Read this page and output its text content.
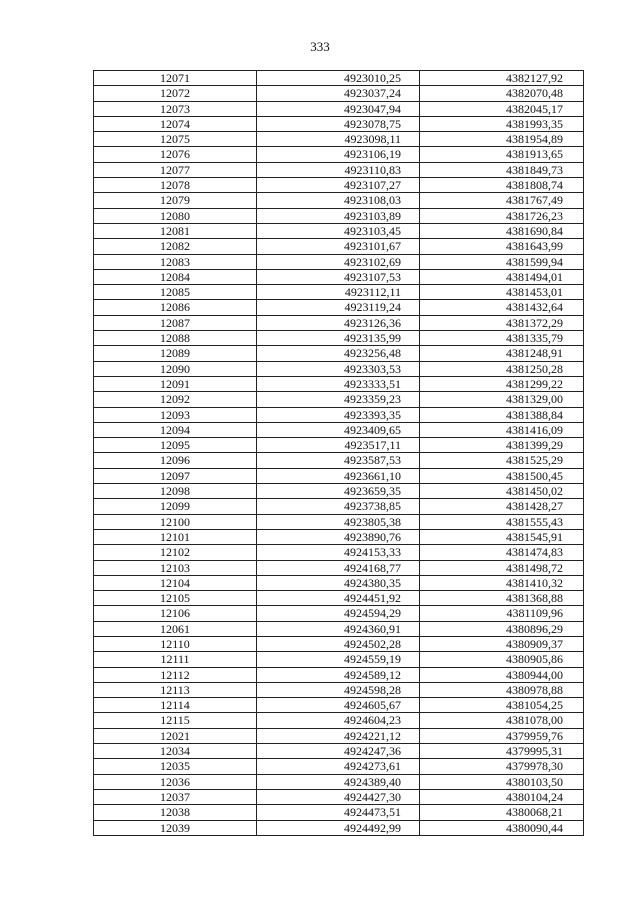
333
12071	4923010,25	4382127,92
12072	4923037,24	4382070,48
12073	4923047,94	4382045,17
12074	4923078,75	4381993,35
12075	4923098,11	4381954,89
12076	4923106,19	4381913,65
12077	4923110,83	4381849,73
12078	4923107,27	4381808,74
12079	4923108,03	4381767,49
12080	4923103,89	4381726,23
12081	4923103,45	4381690,84
12082	4923101,67	4381643,99
12083	4923102,69	4381599,94
12084	4923107,53	4381494,01
12085	4923112,11	4381453,01
12086	4923119,24	4381432,64
12087	4923126,36	4381372,29
12088	4923135,99	4381335,79
12089	4923256,48	4381248,91
12090	4923303,53	4381250,28
12091	4923333,51	4381299,22
12092	4923359,23	4381329,00
12093	4923393,35	4381388,84
12094	4923409,65	4381416,09
12095	4923517,11	4381399,29
12096	4923587,53	4381525,29
12097	4923661,10	4381500,45
12098	4923659,35	4381450,02
12099	4923738,85	4381428,27
12100	4923805,38	4381555,43
12101	4923890,76	4381545,91
12102	4924153,33	4381474,83
12103	4924168,77	4381498,72
12104	4924380,35	4381410,32
12105	4924451,92	4381368,88
12106	4924594,29	4381109,96
12061	4924360,91	4380896,29
12110	4924502,28	4380909,37
12111	4924559,19	4380905,86
12112	4924589,12	4380944,00
12113	4924598,28	4380978,88
12114	4924605,67	4381054,25
12115	4924604,23	4381078,00
12021	4924221,12	4379959,76
12034	4924247,36	4379995,31
12035	4924273,61	4379978,30
12036	4924389,40	4380103,50
12037	4924427,30	4380104,24
12038	4924473,51	4380068,21
12039	4924492,99	4380090,44
